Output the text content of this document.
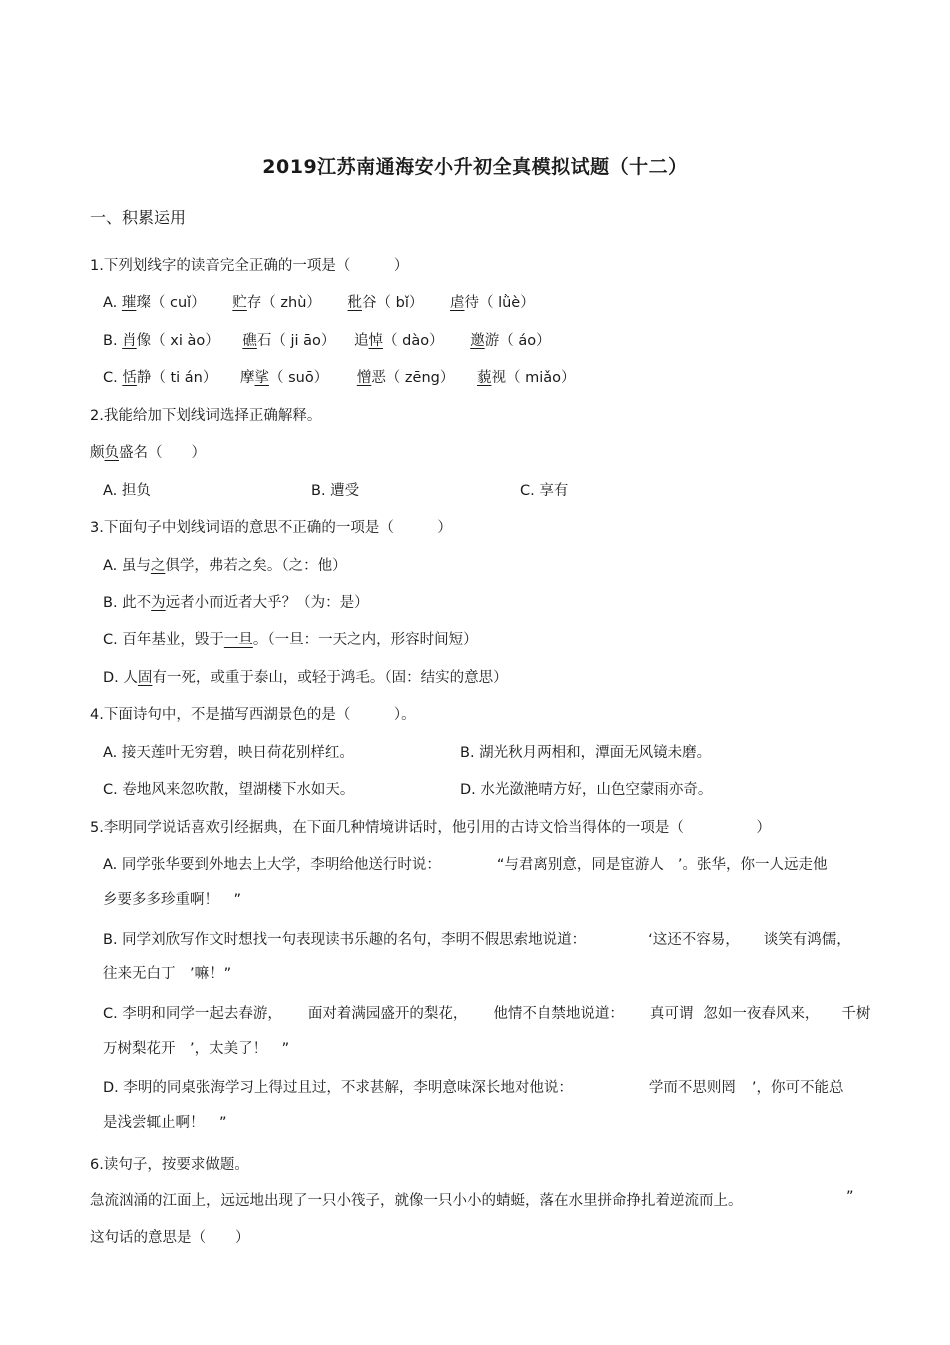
2019江苏南通海安小升初全真模拟试题（十二）
一、积累运用
1.下列划线字的读音完全正确的一项是（　　　）
A. 璀璨（ cuǐ） 贮存（ zhù） 秕谷（ bǐ） 虐待（ lǜè）
B. 肖像（ xi ào） 礁石（ ji āo） 追悼（ dào） 邀游（ áo）
C. 恬静（ ti án） 摩挲（ suō） 憎恶（ zēng） 藐视（ miǎo）
2.我能给加下划线词选择正确解释。
颇负盛名（　　）
A. 担负	B. 遭受	C. 享有
3.下面句子中划线词语的意思不正确的一项是（　　　）
A. 虽与之俱学，弗若之矣。（之：他）
B. 此不为远者小而近者大乎？（为：是）
C. 百年基业，毁于一旦。（一旦：一天之内，形容时间短）
D. 人固有一死，或重于泰山，或轻于鸿毛。（固：结实的意思）
4.下面诗句中，不是描写西湖景色的是（　　　）。
A. 接天莲叶无穷碧，映日荷花别样红。	B. 湖光秋月两相和，潭面无风镜未磨。
C. 卷地风来忽吹散，望湖楼下水如天。	D. 水光潋滟晴方好，山色空蒙雨亦奇。
5.李明同学说话喜欢引经据典，在下面几种情境讲话时，他引用的古诗文恰当得体的一项是（　　　　　）
A. 同学张华要到外地去上大学，李明给他送行时说：	“与君离别意，同是宦游人 ’。张华，你一人远走他
乡要多多珍重啊！　”
B. 同学刘欣写作文时想找一句表现读书乐趣的名句，李明不假思索地说道：	‘这还不容易， 谈笑有鸿儒，
往来无白丁　’嘛！”
C. 李明和同学一起去春游， 面对着满园盛开的梨花， 他情不自禁地说道： 真可谓 忽如一夜春风来， 千树
万树梨花开　’，太美了！　”
D. 李明的同桌张海学习上得过且过，不求甚解，李明意味深长地对他说：	学而不思则罔 ’，你可不能总
是浅尝辄止啊！　”
6.读句子，按要求做题。
急流汹涌的江面上，远远地出现了一只小筏子，就像一只小小的蜻蜓，落在水里拼命挣扎着逆流而上。	”
这句话的意思是（　　）
